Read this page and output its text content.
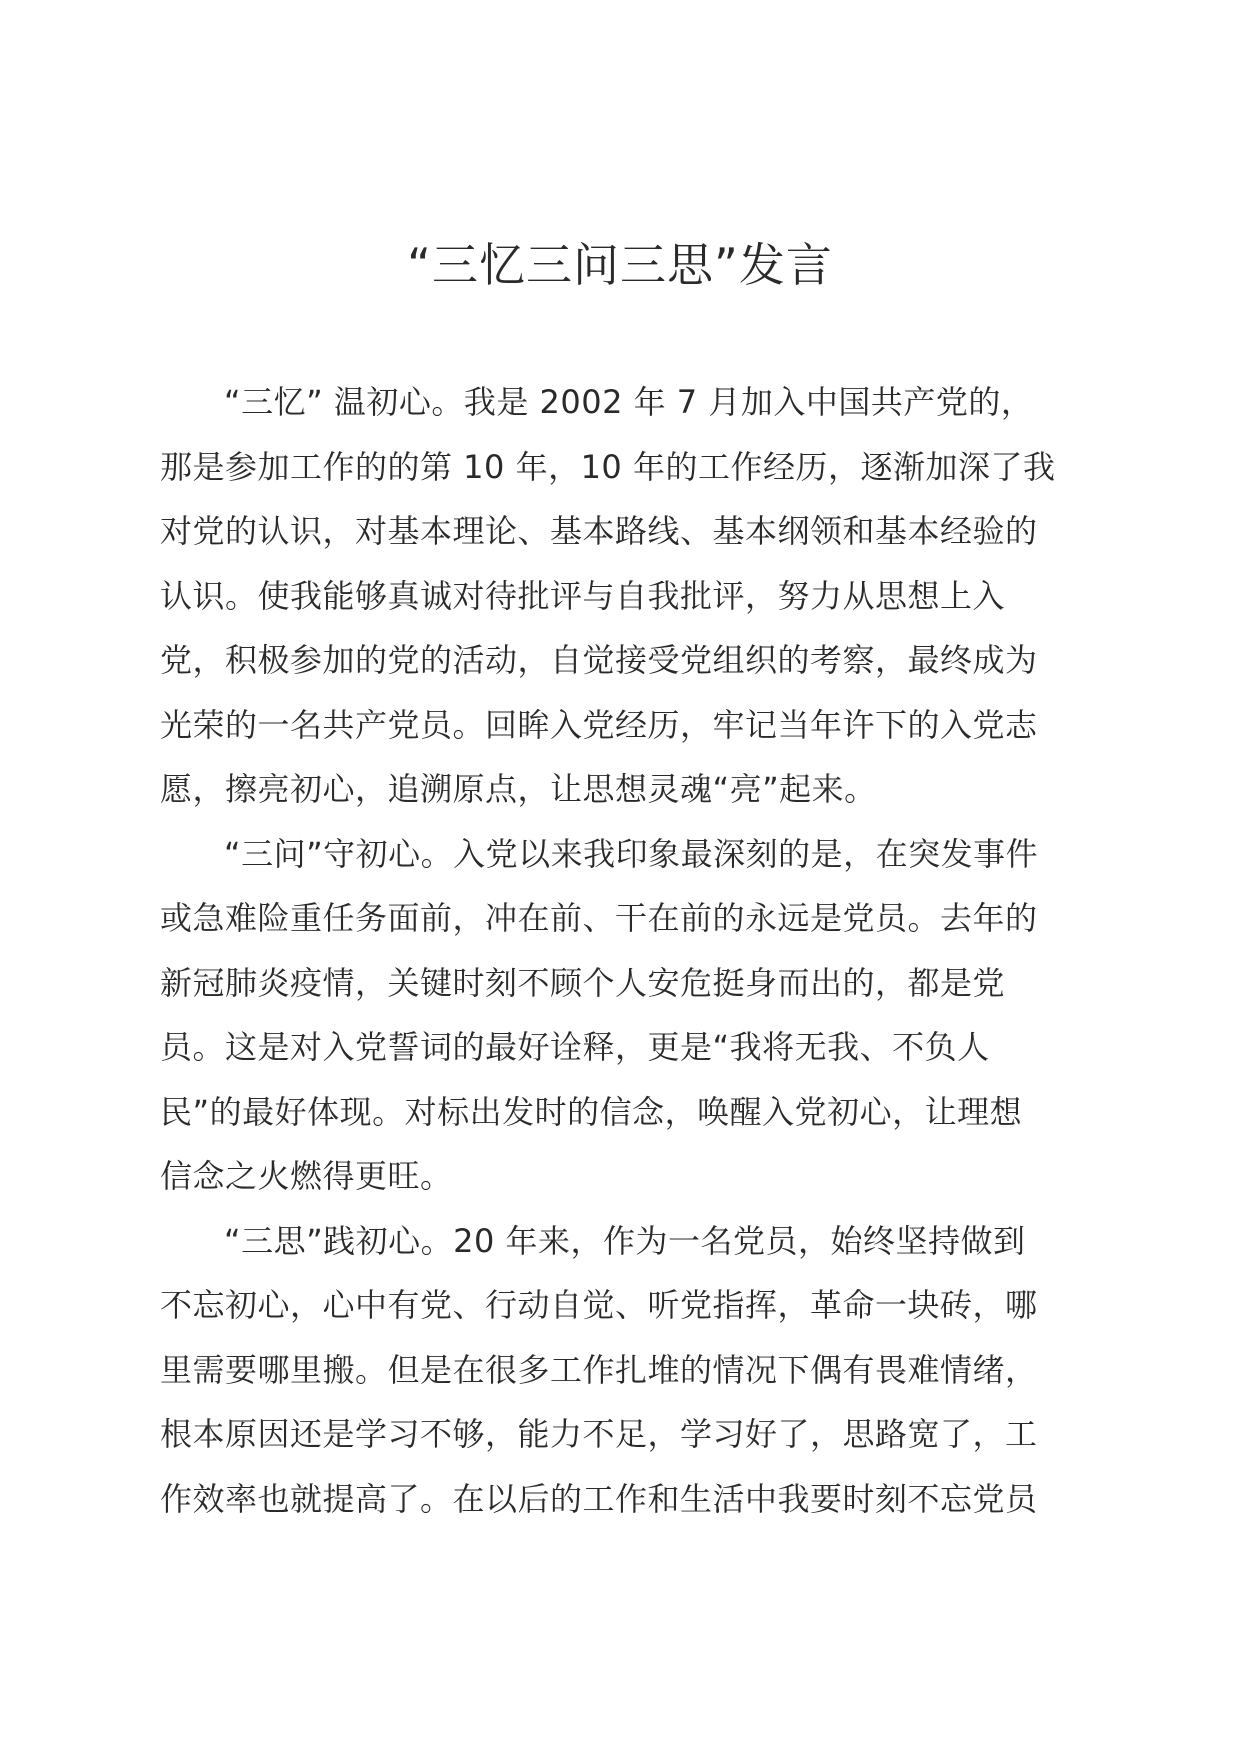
“三忆三问三思”发言

“三忆” 温初心。我是 2002 年 7 月加入中国共产党的，
那是参加工作的的第 10 年，10 年的工作经历，逐渐加深了我
对党的认识，对基本理论、基本路线、基本纲领和基本经验的
认识。使我能够真诚对待批评与自我批评，努力从思想上入
党，积极参加的党的活动，自觉接受党组织的考察，最终成为
光荣的一名共产党员。回眸入党经历，牢记当年许下的入党志
愿，擦亮初心，追溯原点，让思想灵魂“亮”起来。

“三问”守初心。入党以来我印象最深刻的是，在突发事件
或急难险重任务面前，冲在前、干在前的永远是党员。去年的
新冠肺炎疫情，关键时刻不顾个人安危挺身而出的，都是党
员。这是对入党誓词的最好诠释，更是“我将无我、不负人
民”的最好体现。对标出发时的信念，唤醒入党初心，让理想
信念之火燃得更旺。

“三思”践初心。20 年来，作为一名党员，始终坚持做到
不忘初心，心中有党、行动自觉、听党指挥，革命一块砖，哪
里需要哪里搬。但是在很多工作扎堆的情况下偶有畏难情绪，
根本原因还是学习不够，能力不足，学习好了，思路宽了，工
作效率也就提高了。在以后的工作和生活中我要时刻不忘党员
